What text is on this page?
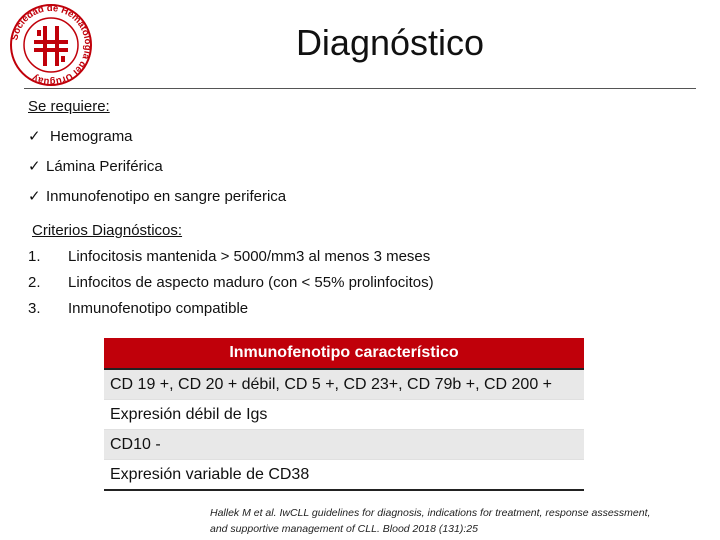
Sociedad de Hematología del Uruguay
Diagnóstico
Se requiere:
✓ Hemograma
✓ Lámina Periférica
✓ Inmunofenotipo en sangre periferica
Criterios Diagnósticos:
1.	Linfocitosis mantenida > 5000/mm3 al menos 3 meses
2.	Linfocitos de aspecto maduro (con < 55% prolinfocitos)
3.	Inmunofenotipo compatible
Inmunofenotipo característico
CD 19 +, CD 20 + débil, CD 5 +, CD 23+, CD 79b +, CD 200 +
Expresión débil de Igs
CD10 -
Expresión variable de CD38
Hallek M et al. IwCLL guidelines for diagnosis, indications for treatment, response assessment,
and supportive management of CLL. Blood 2018 (131):25
